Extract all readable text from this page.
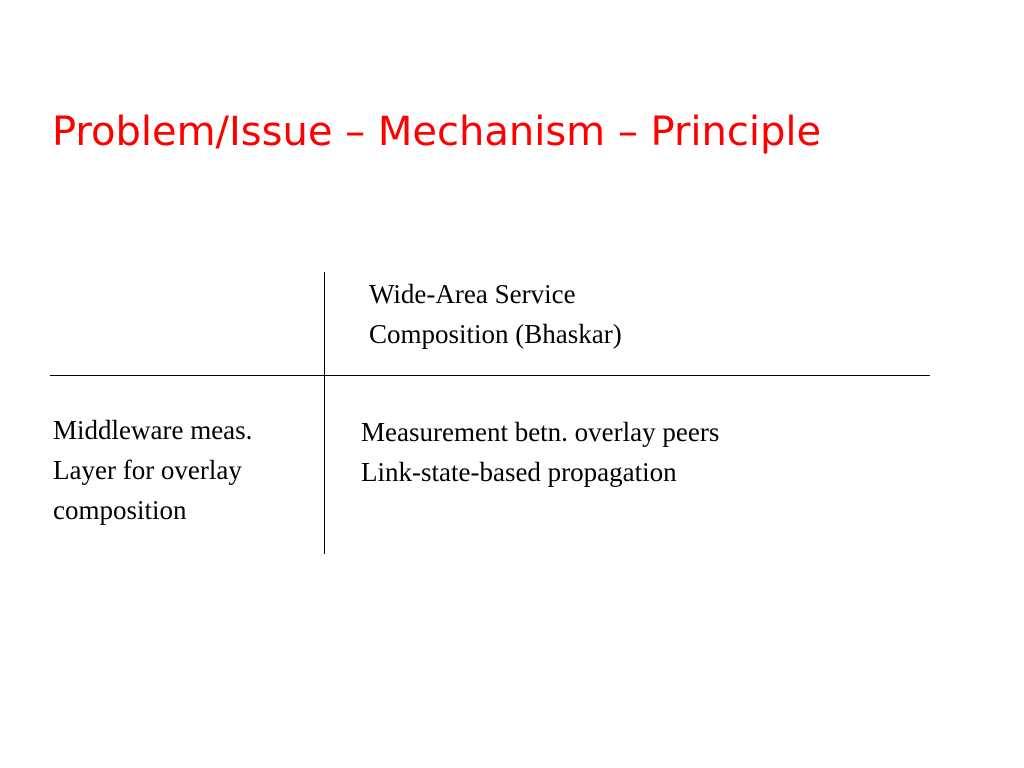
Problem/Issue – Mechanism – Principle
Wide-Area Service
Composition (Bhaskar)
Middleware meas.
Layer for overlay
composition
Measurement betn. overlay peers
Link-state-based propagation
